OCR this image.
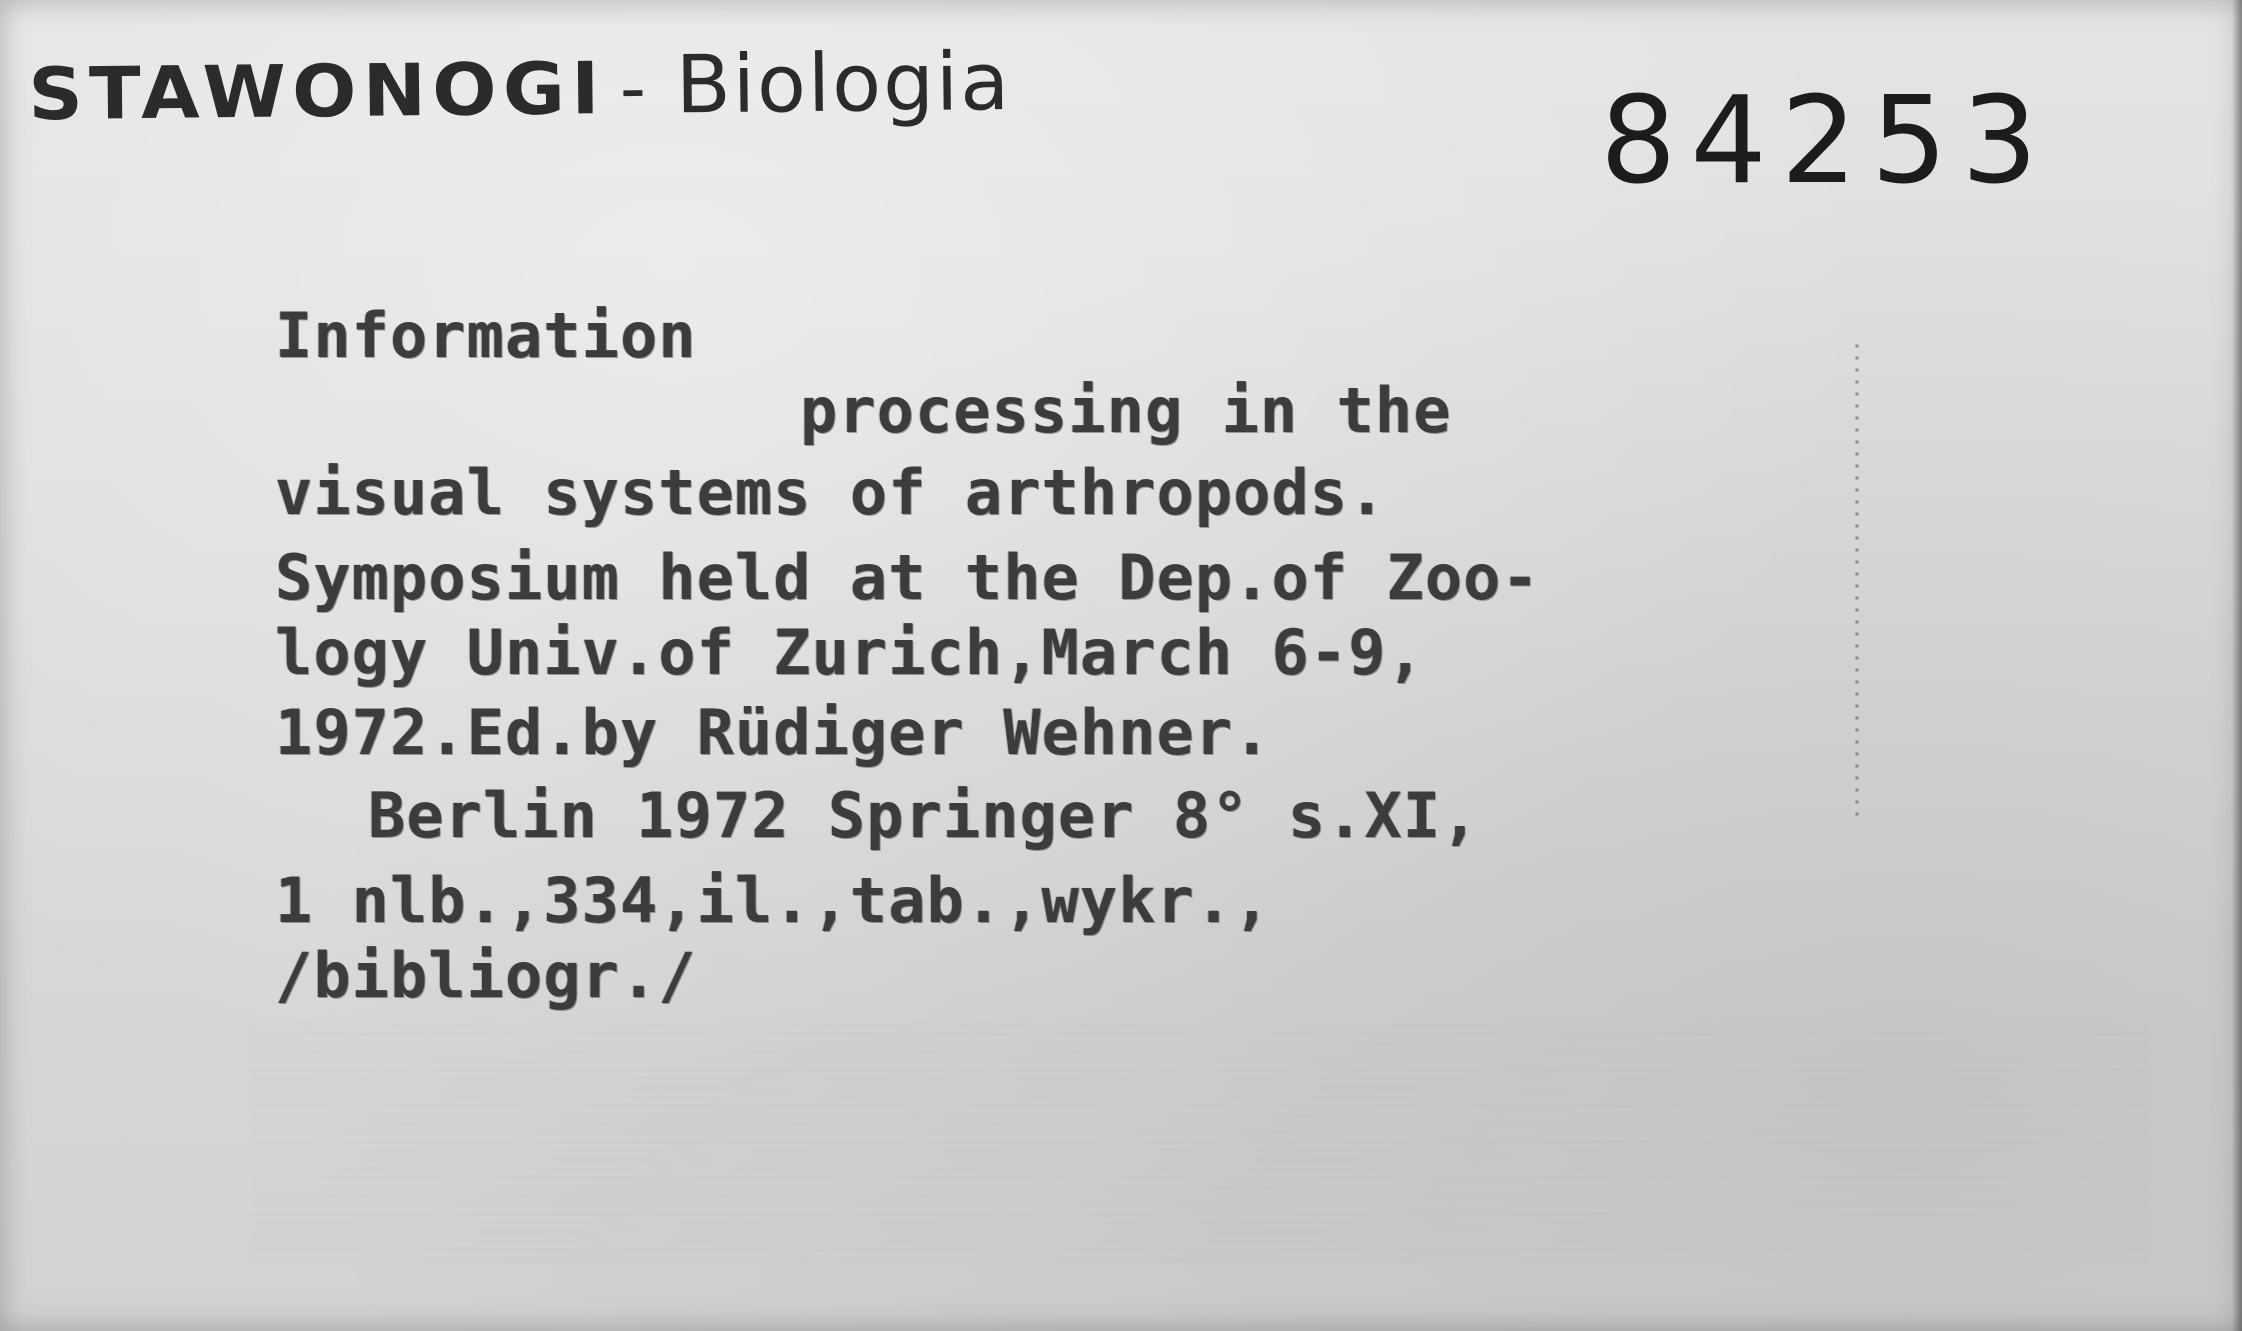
STAWONOGI - Biologia	84253
Information
processing in the
visual systems of arthropods.
Symposium held at the Dep.of Zoo-
logy Univ.of Zurich,March 6-9,
1972.Ed.by Rüdiger Wehner.
Berlin 1972 Springer 8° s.XI,
1 nlb.,334,il.,tab.,wykr.,
/bibliogr./
